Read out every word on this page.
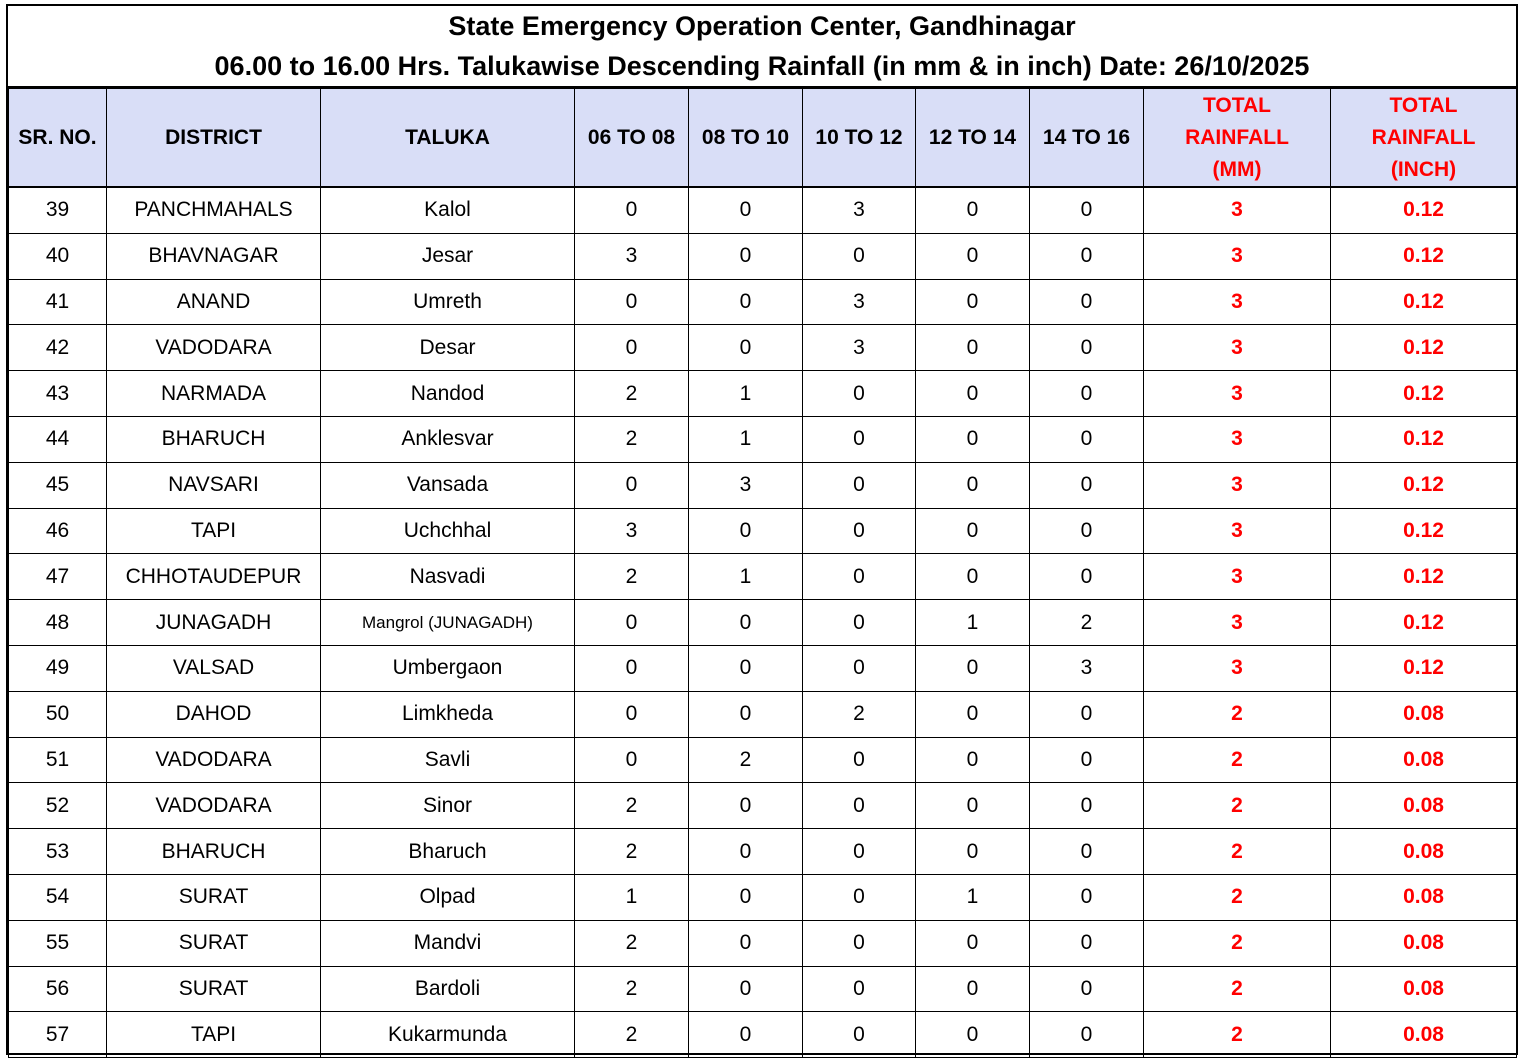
State Emergency Operation Center, Gandhinagar
06.00 to 16.00 Hrs. Talukawise Descending Rainfall (in mm & in inch) Date: 26/10/2025
SR. NO.	DISTRICT	TALUKA	06 TO 08	08 TO 10	10 TO 12	12 TO 14	14 TO 16	TOTAL RAINFALL (MM)	TOTAL RAINFALL (INCH)
39	PANCHMAHALS	Kalol	0	0	3	0	0	3	0.12
40	BHAVNAGAR	Jesar	3	0	0	0	0	3	0.12
41	ANAND	Umreth	0	0	3	0	0	3	0.12
42	VADODARA	Desar	0	0	3	0	0	3	0.12
43	NARMADA	Nandod	2	1	0	0	0	3	0.12
44	BHARUCH	Anklesvar	2	1	0	0	0	3	0.12
45	NAVSARI	Vansada	0	3	0	0	0	3	0.12
46	TAPI	Uchchhal	3	0	0	0	0	3	0.12
47	CHHOTAUDEPUR	Nasvadi	2	1	0	0	0	3	0.12
48	JUNAGADH	Mangrol (JUNAGADH)	0	0	0	1	2	3	0.12
49	VALSAD	Umbergaon	0	0	0	0	3	3	0.12
50	DAHOD	Limkheda	0	0	2	0	0	2	0.08
51	VADODARA	Savli	0	2	0	0	0	2	0.08
52	VADODARA	Sinor	2	0	0	0	0	2	0.08
53	BHARUCH	Bharuch	2	0	0	0	0	2	0.08
54	SURAT	Olpad	1	0	0	1	0	2	0.08
55	SURAT	Mandvi	2	0	0	0	0	2	0.08
56	SURAT	Bardoli	2	0	0	0	0	2	0.08
57	TAPI	Kukarmunda	2	0	0	0	0	2	0.08
